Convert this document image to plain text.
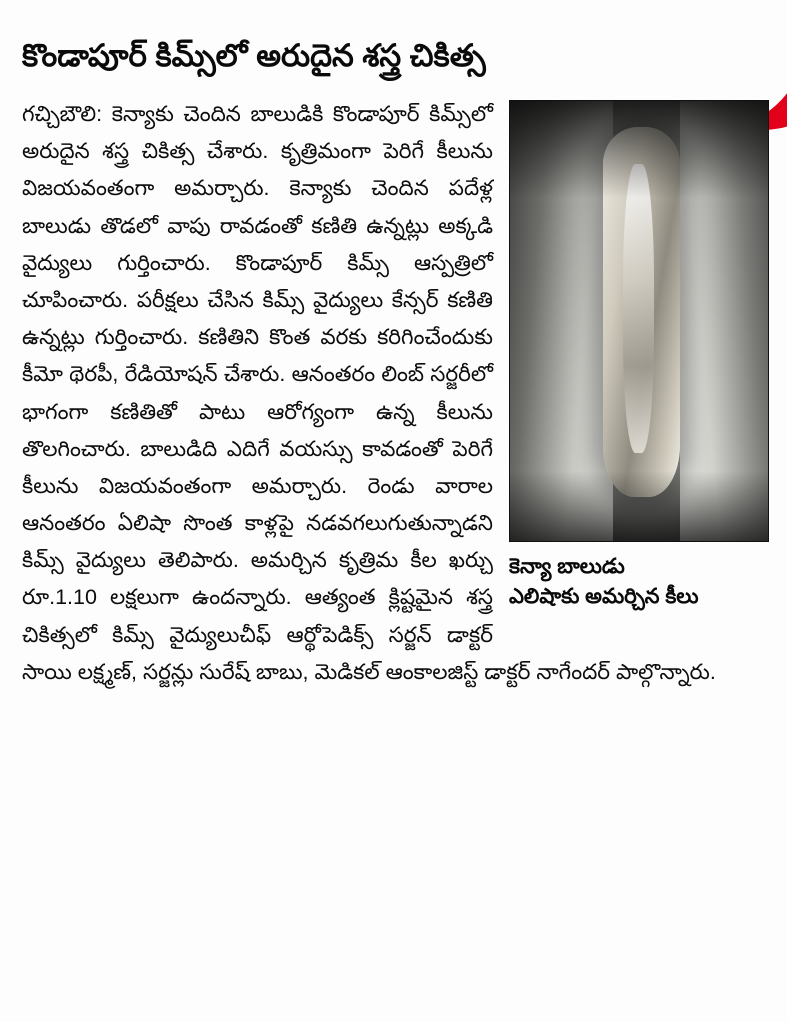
కొండాపూర్ కిమ్స్‌లో అరుదైన శస్త్ర చికిత్స
కెన్యా బాలుడు
ఎలిషాకు అమర్చిన కీలు

గచ్చిబౌలి: కెన్యాకు చెందిన బాలుడికి కొండాపూర్ కిమ్స్‌లో అరుదైన శస్త్ర చికిత్స చేశారు. కృత్రిమంగా పెరిగే కీలును విజయవంతంగా అమర్చారు. కెన్యాకు చెందిన పదేళ్ల బాలుడు తొడలో వాపు రావడంతో కణితి ఉన్నట్లు అక్కడి వైద్యులు గుర్తించారు. కొండాపూర్ కిమ్స్ ఆస్పత్రిలో చూపించారు. పరీక్షలు చేసిన కిమ్స్ వైద్యులు కేన్సర్ కణితి ఉన్నట్లు గుర్తించారు. కణితిని కొంత వరకు కరిగించేందుకు కీమో థెరపీ, రేడియోషన్ చేశారు. ఆనంతరం లింబ్ సర్జరీలో భాగంగా కణితితో పాటు ఆరోగ్యంగా ఉన్న కీలును తొలగించారు. బాలుడిది ఎదిగే వయస్సు కావడంతో పెరిగే కీలును విజయవంతంగా అమర్చారు. రెండు వారాల ఆనంతరం ఏలిషా సొంత కాళ్లపై నడవగలుగుతున్నాడని కిమ్స్ వైద్యులు తెలిపారు. అమర్చిన కృత్రిమ కీల ఖర్చు రూ.1.10 లక్షలుగా ఉందన్నారు. ఆత్యంత క్లిష్టమైన శస్త్ర చికిత్సలో కిమ్స్ వైద్యులుచీఫ్ ఆర్థోపెడిక్స్ సర్జన్ డాక్టర్ సాయి లక్ష్మణ్, సర్జన్లు సురేష్ బాబు, మెడికల్ ఆంకాలజిస్ట్ డాక్టర్ నాగేందర్ పాల్గొన్నారు.
